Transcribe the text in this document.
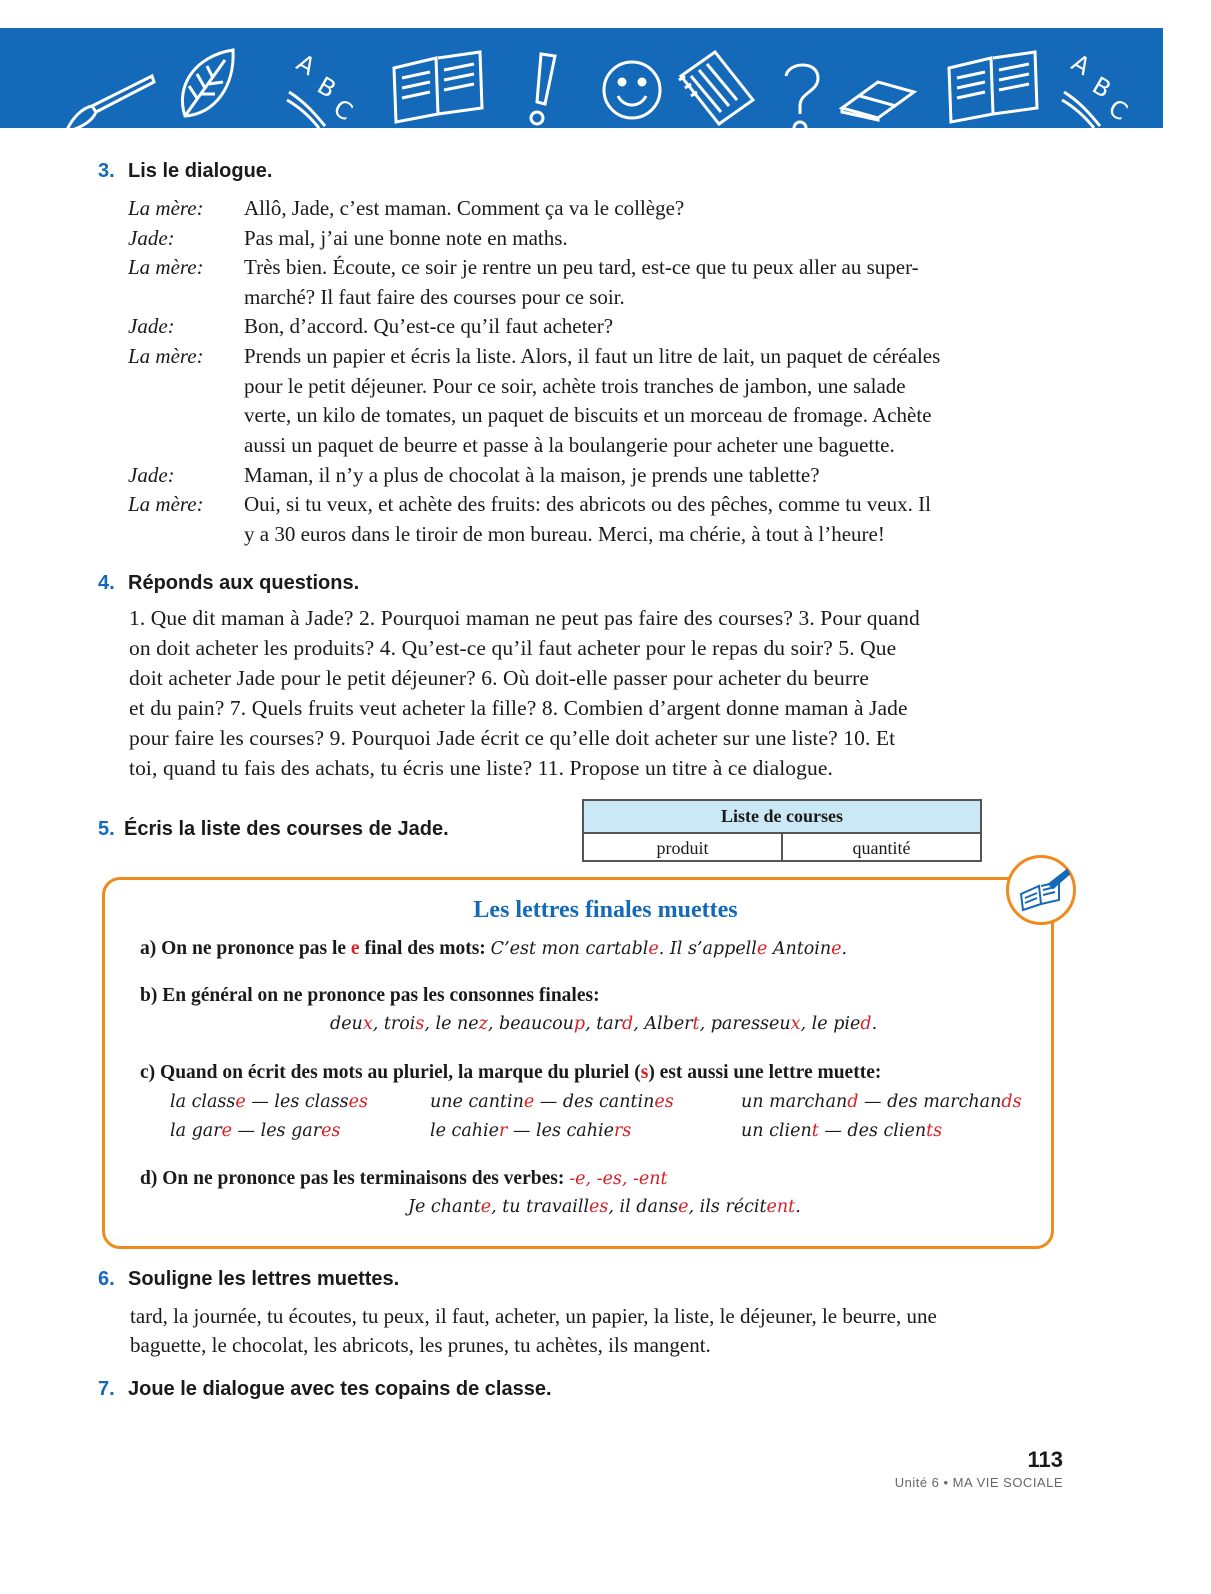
A
B
C
A
B
C
3. Lis le dialogue.
La mère: Allô, Jade, c’est maman. Comment ça va le collège?
Jade:	Pas mal, j’ai une bonne note en maths.
La mère: Très bien. Écoute, ce soir je rentre un peu tard, est-ce que tu peux aller au super-
marché? Il faut faire des courses pour ce soir.
Jade:	Bon, d’accord. Qu’est-ce qu’il faut acheter?
La mère: Prends un papier et écris la liste. Alors, il faut un litre de lait, un paquet de céréales
pour le petit déjeuner. Pour ce soir, achète trois tranches de jambon, une salade
verte, un kilo de tomates, un paquet de biscuits et un morceau de fromage. Achète
aussi un paquet de beurre et passe à la boulangerie pour acheter une baguette.
Jade:	Maman, il n’y a plus de chocolat à la maison, je prends une tablette?
La mère: Oui, si tu veux, et achète des fruits: des abricots ou des pêches, comme tu veux. Il
y a 30 euros dans le tiroir de mon bureau. Merci, ma chérie, à tout à l’heure!
4. Réponds aux questions.
1. Que dit maman à Jade? 2. Pourquoi maman ne peut pas faire des courses? 3. Pour quand
on doit acheter les produits? 4. Qu’est-ce qu’il faut acheter pour le repas du soir? 5. Que
doit acheter Jade pour le petit déjeuner? 6. Où doit-elle passer pour acheter du beurre
et du pain? 7. Quels fruits veut acheter la fille? 8. Combien d’argent donne maman à Jade
pour faire les courses? 9. Pourquoi Jade écrit ce qu’elle doit acheter sur une liste? 10. Et
toi, quand tu fais des achats, tu écris une liste? 11. Propose un titre à ce dialogue.
5. Écris la liste des courses de Jade.
Liste de courses
produit	quantité
Les lettres finales muettes
a) On ne prononce pas le e final des mots: C’est mon cartable. Il s’appelle Antoine.
b) En général on ne prononce pas les consonnes finales:
deux, trois, le nez, beaucoup, tard, Albert, paresseux, le pied.
c) Quand on écrit des mots au pluriel, la marque du pluriel (s) est aussi une lettre muette:
la classe — les classes	une cantine — des cantines	un marchand — des marchands
la gare — les gares	le cahier — les cahiers	un client — des clients
d) On ne prononce pas les terminaisons des verbes: -e, -es, -ent
Je chante, tu travailles, il danse, ils récitent.
6. Souligne les lettres muettes.
tard, la journée, tu écoutes, tu peux, il faut, acheter, un papier, la liste, le déjeuner, le beurre, une
baguette, le chocolat, les abricots, les prunes, tu achètes, ils mangent.
7. Joue le dialogue avec tes copains de classe.
113
Unité 6 • MA VIE SOCIALE
